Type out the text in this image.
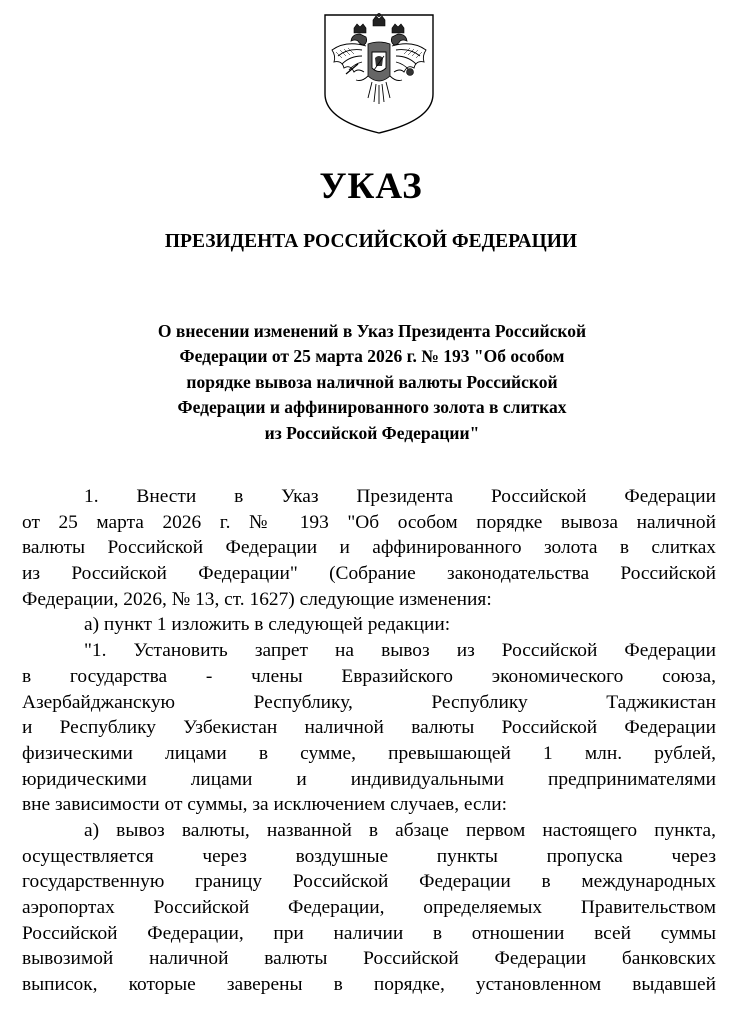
УКАЗ
ПРЕЗИДЕНТА РОССИЙСКОЙ ФЕДЕРАЦИИ
О внесении изменений в Указ Президента Российской
Федерации от 25 марта 2026 г. № 193 "Об особом
порядке вывоза наличной валюты Российской
Федерации и аффинированного золота в слитках
из Российской Федерации"
1. Внести в Указ Президента Российской Федерации
от 25 марта 2026 г. № 193 "Об особом порядке вывоза наличной
валюты Российской Федерации и аффинированного золота в слитках
из Российской Федерации" (Собрание законодательства Российской
Федерации, 2026, № 13, ст. 1627) следующие изменения:
а) пункт 1 изложить в следующей редакции:
"1. Установить запрет на вывоз из Российской Федерации
в государства - члены Евразийского экономического союза,
Азербайджанскую Республику, Республику Таджикистан
и Республику Узбекистан наличной валюты Российской Федерации
физическими лицами в сумме, превышающей 1 млн. рублей,
юридическими лицами и индивидуальными предпринимателями
вне зависимости от суммы, за исключением случаев, если:
а) вывоз валюты, названной в абзаце первом настоящего пункта,
осуществляется через воздушные пункты пропуска через
государственную границу Российской Федерации в международных
аэропортах Российской Федерации, определяемых Правительством
Российской Федерации, при наличии в отношении всей суммы
вывозимой наличной валюты Российской Федерации банковских
выписок, которые заверены в порядке, установленном выдавшей
